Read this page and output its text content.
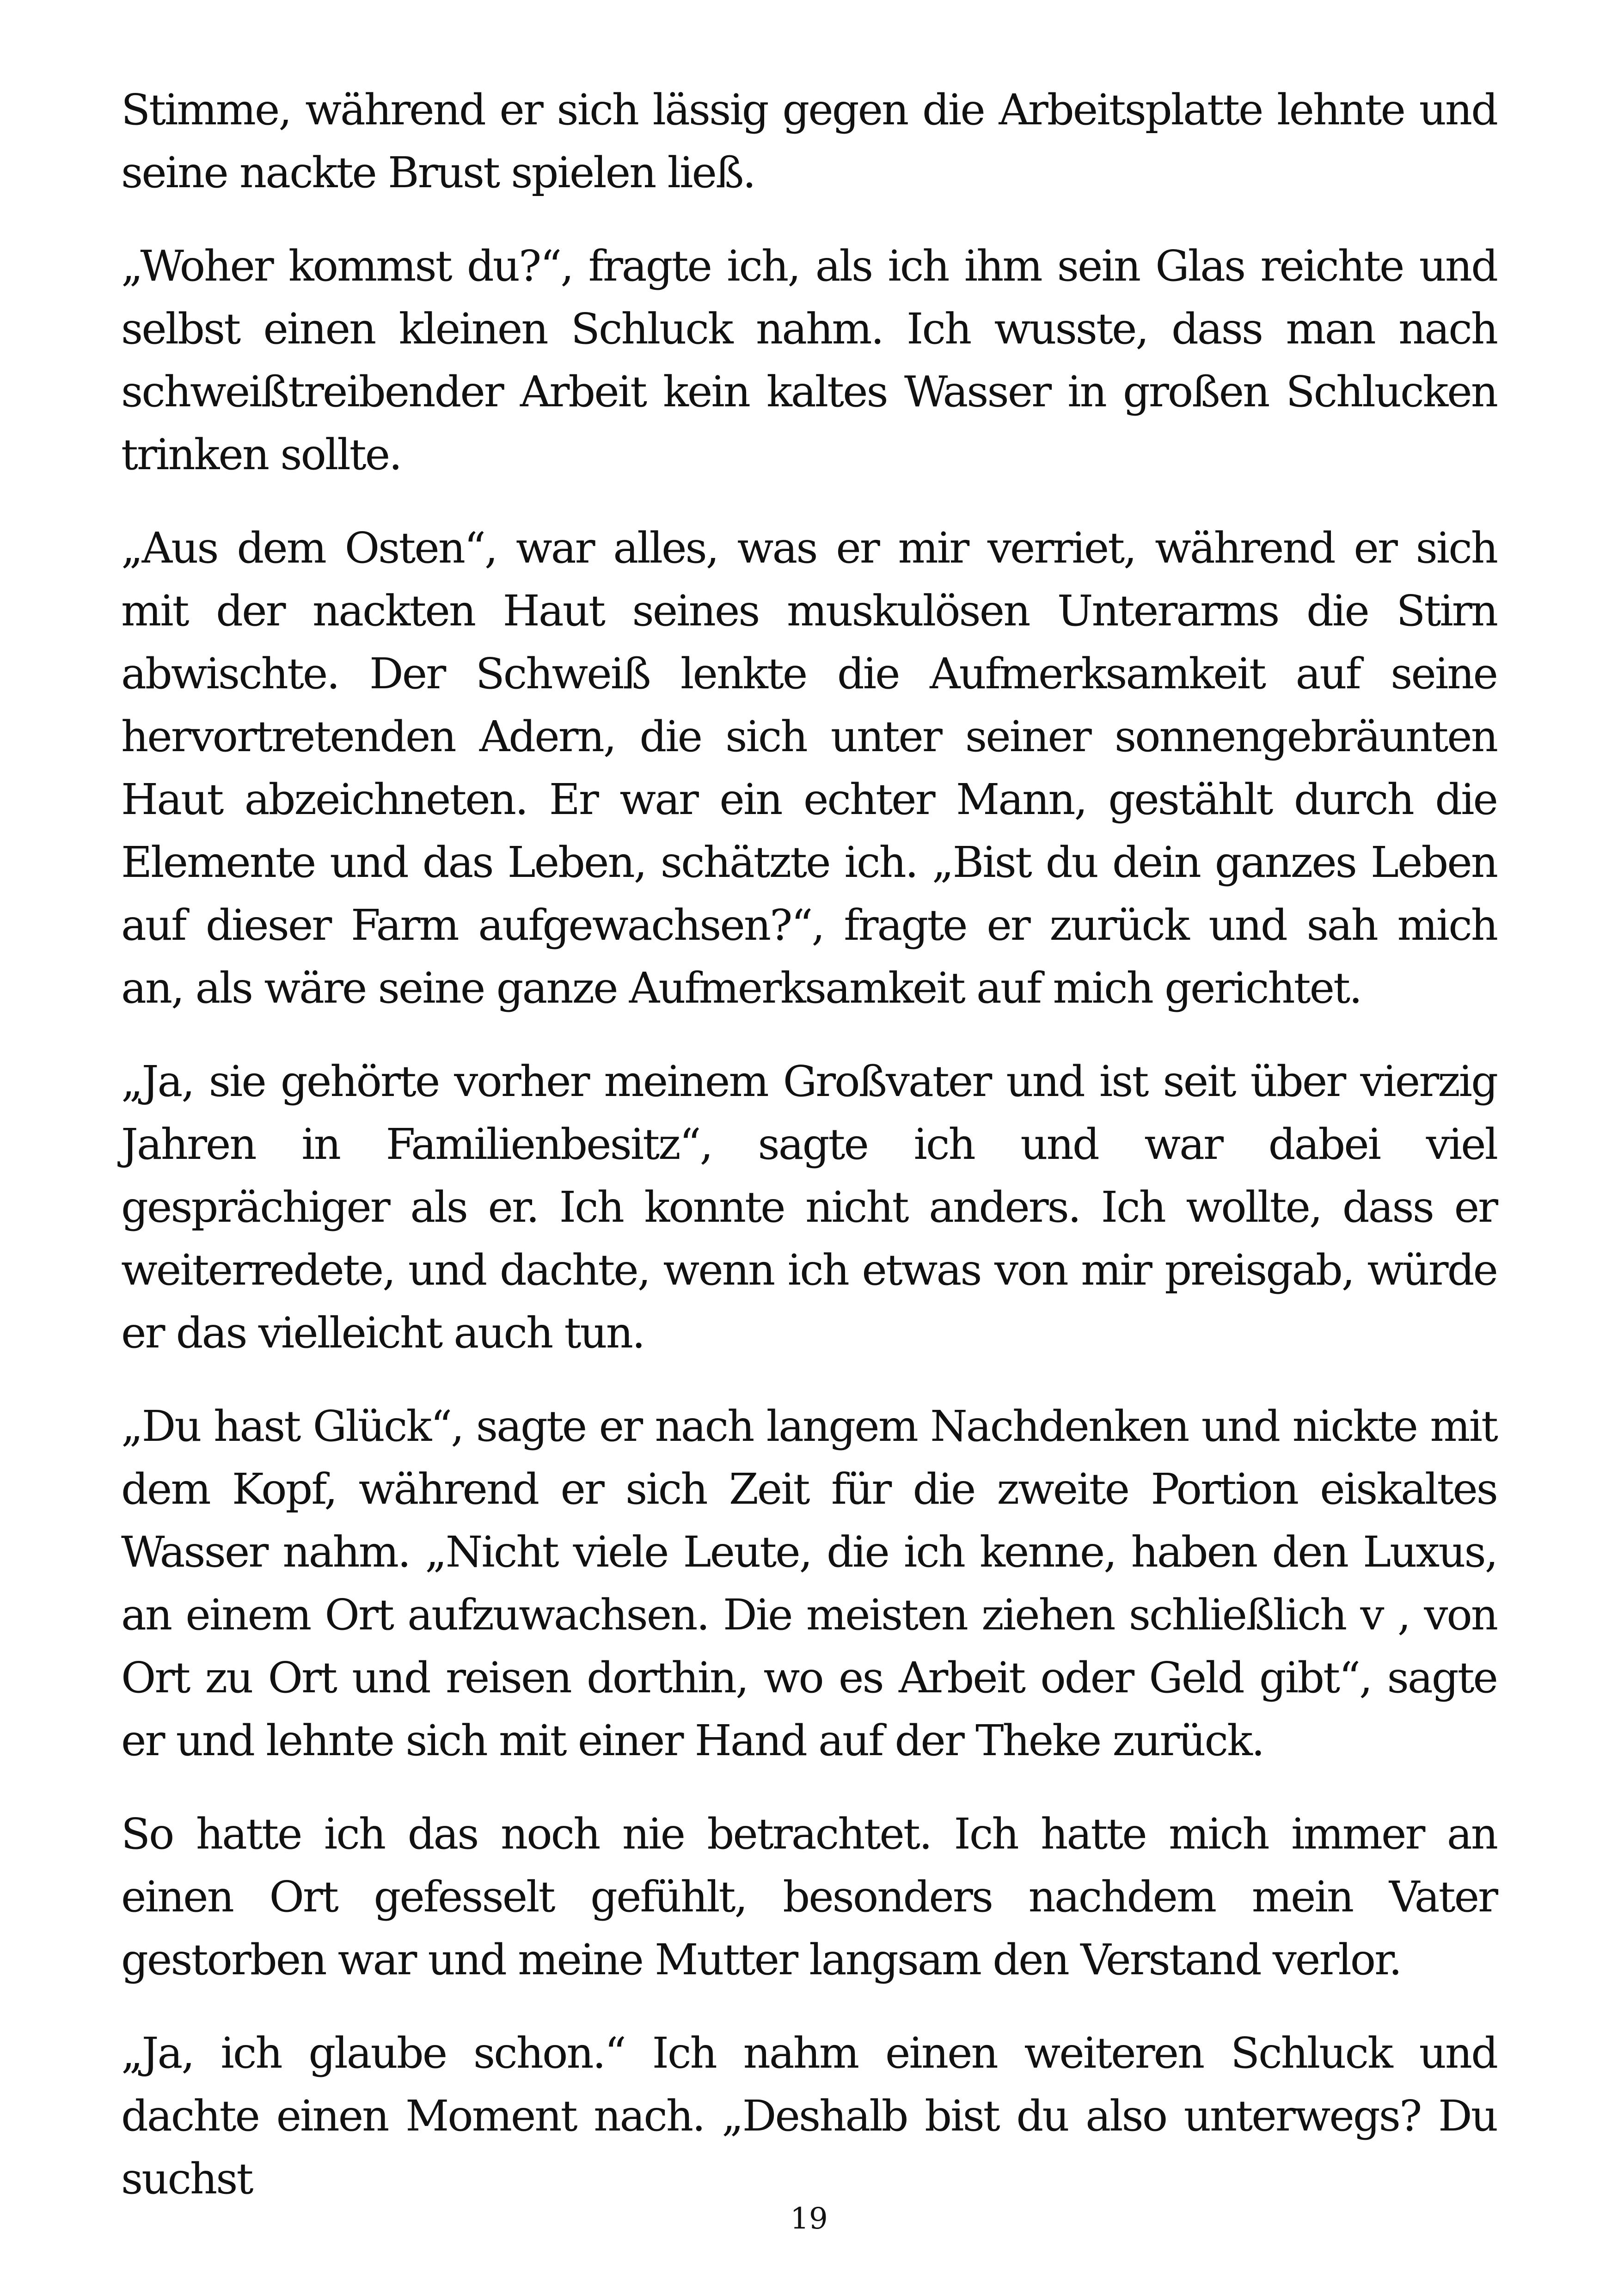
Stimme, während er sich lässig gegen die Arbeitsplatte lehnte und seine nackte Brust spielen ließ.

„Woher kommst du?“, fragte ich, als ich ihm sein Glas reichte und selbst einen kleinen Schluck nahm. Ich wusste, dass man nach schweißtreibender Arbeit kein kaltes Wasser in großen Schlucken trinken sollte.

„Aus dem Osten“, war alles, was er mir verriet, während er sich mit der nackten Haut seines muskulösen Unterarms die Stirn abwischte. Der Schweiß lenkte die Aufmerksamkeit auf seine hervortretenden Adern, die sich unter seiner sonnengebräunten Haut abzeichneten. Er war ein echter Mann, gestählt durch die Elemente und das Leben, schätzte ich. „Bist du dein ganzes Leben auf dieser Farm aufgewachsen?“, fragte er zurück und sah mich an, als wäre seine ganze Aufmerksamkeit auf mich gerichtet.

„Ja, sie gehörte vorher meinem Großvater und ist seit über vierzig Jahren in Familienbesitz“, sagte ich und war dabei viel gesprächiger als er. Ich konnte nicht anders. Ich wollte, dass er weiterredete, und dachte, wenn ich etwas von mir preisgab, würde er das vielleicht auch tun.

„Du hast Glück“, sagte er nach langem Nachdenken und nickte mit dem Kopf, während er sich Zeit für die zweite Portion eiskaltes Wasser nahm. „Nicht viele Leute, die ich kenne, haben den Luxus, an einem Ort aufzuwachsen. Die meisten ziehen schließlich v , von Ort zu Ort und reisen dorthin, wo es Arbeit oder Geld gibt“, sagte er und lehnte sich mit einer Hand auf der Theke zurück.

So hatte ich das noch nie betrachtet. Ich hatte mich immer an einen Ort gefesselt gefühlt, besonders nachdem mein Vater gestorben war und meine Mutter langsam den Verstand verlor.

„Ja, ich glaube schon.“ Ich nahm einen weiteren Schluck und dachte einen Moment nach. „Deshalb bist du also unterwegs? Du suchst

19
